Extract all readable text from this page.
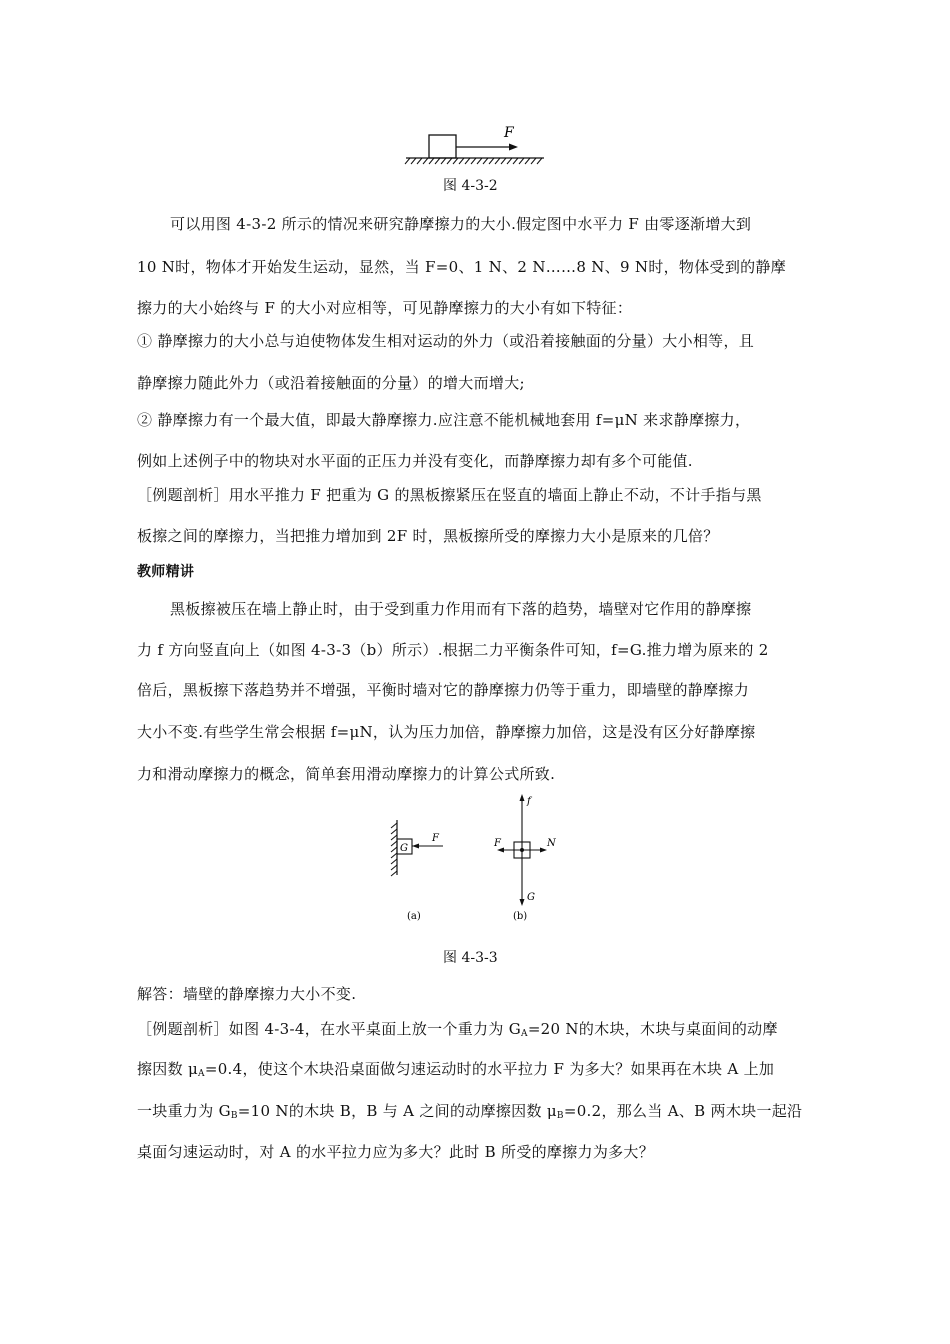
F
图 4-3-2
可以用图 4-3-2 所示的情况来研究静摩擦力的大小.假定图中水平力 F 由零逐渐增大到
10 N时，物体才开始发生运动，显然，当 F=0、1 N、2 N……8 N、9 N时，物体受到的静摩
擦力的大小始终与 F 的大小对应相等，可见静摩擦力的大小有如下特征：
① 静摩擦力的大小总与迫使物体发生相对运动的外力（或沿着接触面的分量）大小相等，且
静摩擦力随此外力（或沿着接触面的分量）的增大而增大;
② 静摩擦力有一个最大值，即最大静摩擦力.应注意不能机械地套用 f=μN 来求静摩擦力，
例如上述例子中的物块对水平面的正压力并没有变化，而静摩擦力却有多个可能值.
［例题剖析］用水平推力 F 把重为 G 的黑板擦紧压在竖直的墙面上静止不动，不计手指与黑
板擦之间的摩擦力，当把推力增加到 2F 时，黑板擦所受的摩擦力大小是原来的几倍？
教师精讲
黑板擦被压在墙上静止时，由于受到重力作用而有下落的趋势，墙壁对它作用的静摩擦
力 f 方向竖直向上（如图 4-3-3（b）所示）.根据二力平衡条件可知，f=G.推力增为原来的 2
倍后，黑板擦下落趋势并不增强，平衡时墙对它的静摩擦力仍等于重力，即墙壁的静摩擦力
大小不变.有些学生常会根据 f=μN，认为压力加倍，静摩擦力加倍，这是没有区分好静摩擦
力和滑动摩擦力的概念，简单套用滑动摩擦力的计算公式所致.
G
F
(a)
f
G
F	N
(b)
图 4-3-3
解答：墙壁的静摩擦力大小不变.
［例题剖析］如图 4-3-4，在水平桌面上放一个重力为 $G_A=20$ N的木块，木块与桌面间的动摩
擦因数 $\mu_A=0.4$，使这个木块沿桌面做匀速运动时的水平拉力 F 为多大？如果再在木块 A 上加
一块重力为 $G_B=10$ N的木块 B，B 与 A 之间的动摩擦因数 $\mu_B=0.2$，那么当 A、B 两木块一起沿
桌面匀速运动时，对 A 的水平拉力应为多大？此时 B 所受的摩擦力为多大？
